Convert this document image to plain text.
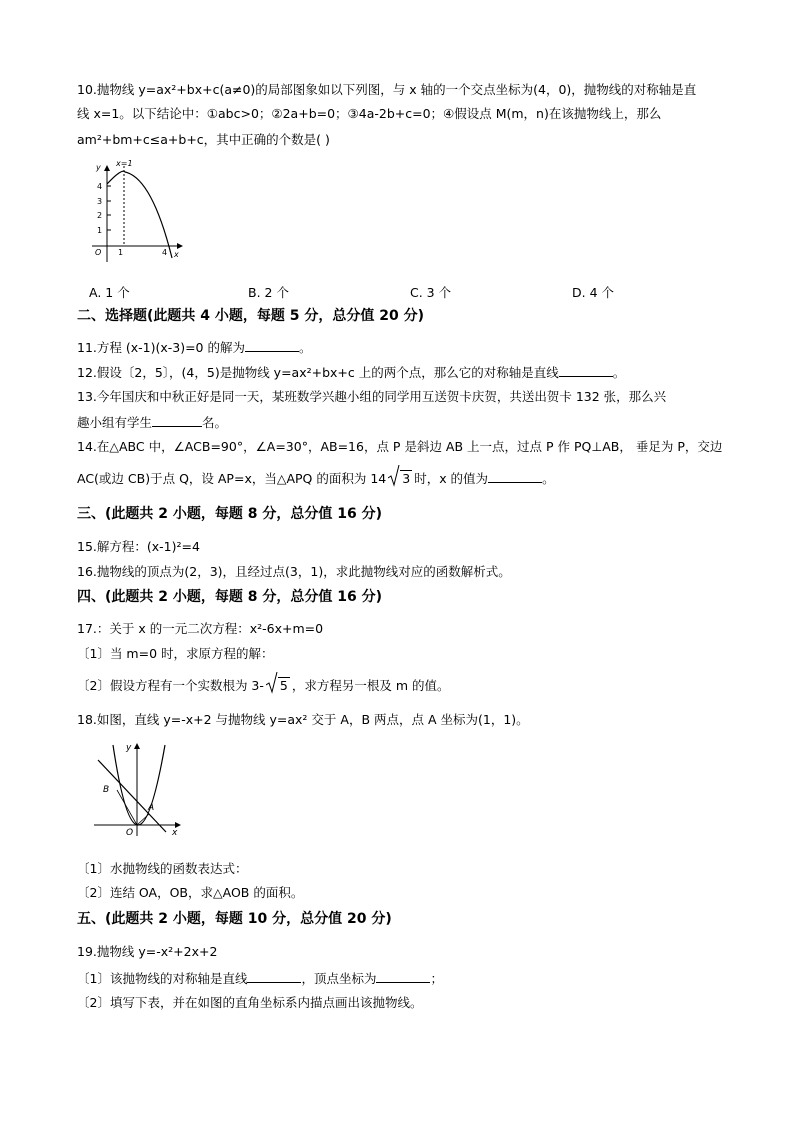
10.抛物线 y=ax²+bx+c(a≠0)的局部图象如以下列图，与 x 轴的一个交点坐标为(4，0)，抛物线的对称轴是直
线 x=1。以下结论中：①abc>0；②2a+b=0；③4a-2b+c=0；④假设点 M(m，n)在该抛物线上，那么
am²+bm+c≤a+b+c，其中正确的个数是( )
x=1
y
4
3
2
1
O 1	4 x
A. 1 个	B. 2 个	C. 3 个	D. 4 个
二、选择题(此题共 4 小题，每题 5 分，总分值 20 分)
11.方程 (x-1)(x-3)=0 的解为	。
12.假设〔2，5〕，(4，5)是抛物线 y=ax²+bx+c 上的两个点，那么它的对称轴是直线	。
13.今年国庆和中秋正好是同一天，某班数学兴趣小组的同学用互送贺卡庆贺，共送出贺卡 132 张，那么兴
趣小组有学生	名。
14.在△ABC 中，∠ACB=90°，∠A=30°，AB=16，点 P 是斜边 AB 上一点，过点 P 作 PQ⊥AB， 垂足为 P，交边
AC(或边 CB)于点 Q，设 AP=x，当△APQ 的面积为 14 3 时，x 的值为	。
三、(此题共 2 小题，每题 8 分，总分值 16 分)
15.解方程：(x-1)²=4
16.抛物线的顶点为(2，3)，且经过点(3，1)，求此抛物线对应的函数解析式。
四、(此题共 2 小题，每题 8 分，总分值 16 分)
17.：关于 x 的一元二次方程：x²-6x+m=0
〔1〕当 m=0 时，求原方程的解：
〔2〕假设方程有一个实数根为 3- 5 ，求方程另一根及 m 的值。
18.如图，直线 y=-x+2 与抛物线 y=ax² 交于 A，B 两点，点 A 坐标为(1，1)。
y
x
O
B
A
〔1〕水抛物线的函数表达式：
〔2〕连结 OA，OB，求△AOB 的面积。
五、(此题共 2 小题，每题 10 分，总分值 20 分)
19.抛物线 y=-x²+2x+2
〔1〕该抛物线的对称轴是直线	，顶点坐标为	；
〔2〕填写下表，并在如图的直角坐标系内描点画出该抛物线。
